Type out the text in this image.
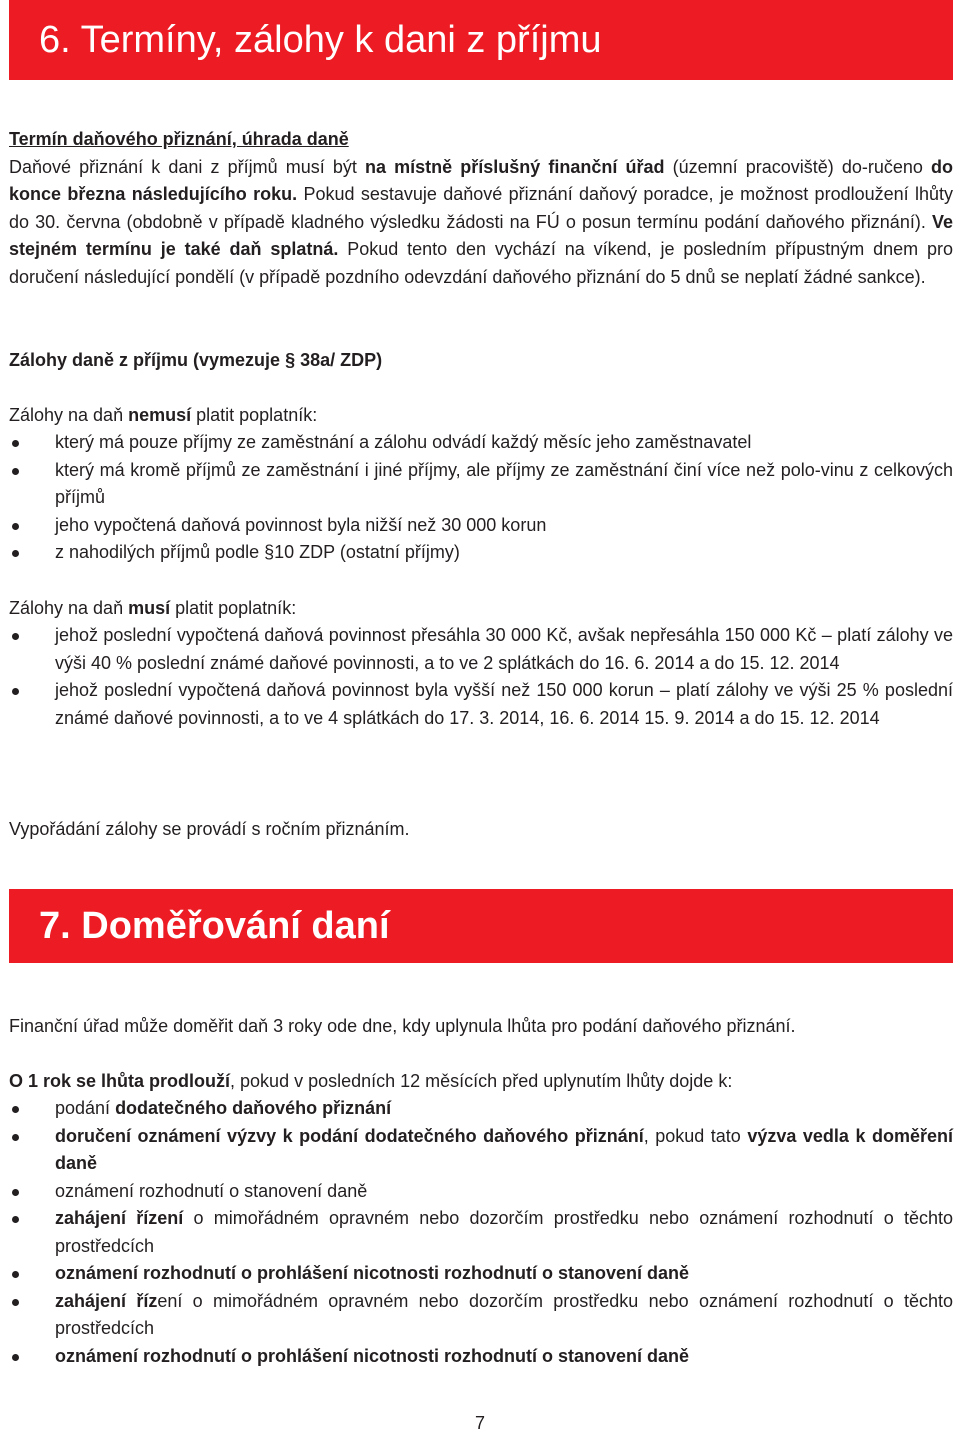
6. Termíny, zálohy k dani z příjmu
Termín daňového přiznání, úhrada daně
Daňové přiznání k dani z příjmů musí být na místně příslušný finanční úřad (územní pracoviště) do-ručeno do konce března následujícího roku. Pokud sestavuje daňové přiznání daňový poradce, je možnost prodloužení lhůty do 30. června (obdobně v případě kladného výsledku žádosti na FÚ o posun termínu podání daňového přiznání). Ve stejném termínu je také daň splatná. Pokud tento den vychází na víkend, je posledním přípustným dnem pro doručení následující pondělí (v případě pozdního odevzdání daňového přiznání do 5 dnů se neplatí žádné sankce).
Zálohy daně z příjmu (vymezuje § 38a/ ZDP)
Zálohy na daň nemusí platit poplatník:
který má pouze příjmy ze zaměstnání a zálohu odvádí každý měsíc jeho zaměstnavatel
který má kromě příjmů ze zaměstnání i jiné příjmy, ale příjmy ze zaměstnání činí více než polo-vinu z celkových příjmů
jeho vypočtená daňová povinnost byla nižší než 30 000 korun
z nahodilých příjmů podle §10 ZDP (ostatní příjmy)
Zálohy na daň musí platit poplatník:
jehož poslední vypočtená daňová povinnost přesáhla 30 000 Kč, avšak nepřesáhla 150 000 Kč – platí zálohy ve výši 40 % poslední známé daňové povinnosti, a to ve 2 splátkách do 16. 6. 2014 a do 15. 12. 2014
jehož poslední vypočtená daňová povinnost byla vyšší než 150 000 korun – platí zálohy ve výši 25 % poslední známé daňové povinnosti, a to ve 4 splátkách do 17. 3. 2014, 16. 6. 2014 15. 9. 2014 a do 15. 12. 2014
Vypořádání zálohy se provádí s ročním přiznáním.
7. Doměřování daní
Finanční úřad může doměřit daň 3 roky ode dne, kdy uplynula lhůta pro podání daňového přiznání.
O 1 rok se lhůta prodlouží, pokud v posledních 12 měsících před uplynutím lhůty dojde k:
podání dodatečného daňového přiznání
doručení oznámení výzvy k podání dodatečného daňového přiznání, pokud tato výzva vedla k doměření daně
oznámení rozhodnutí o stanovení daně
zahájení řízení o mimořádném opravném nebo dozorčím prostředku nebo oznámení rozhodnutí o těchto prostředcích
oznámení rozhodnutí o prohlášení nicotnosti rozhodnutí o stanovení daně
zahájení řízení o mimořádném opravném nebo dozorčím prostředku nebo oznámení rozhodnutí o těchto prostředcích
oznámení rozhodnutí o prohlášení nicotnosti rozhodnutí o stanovení daně
7
